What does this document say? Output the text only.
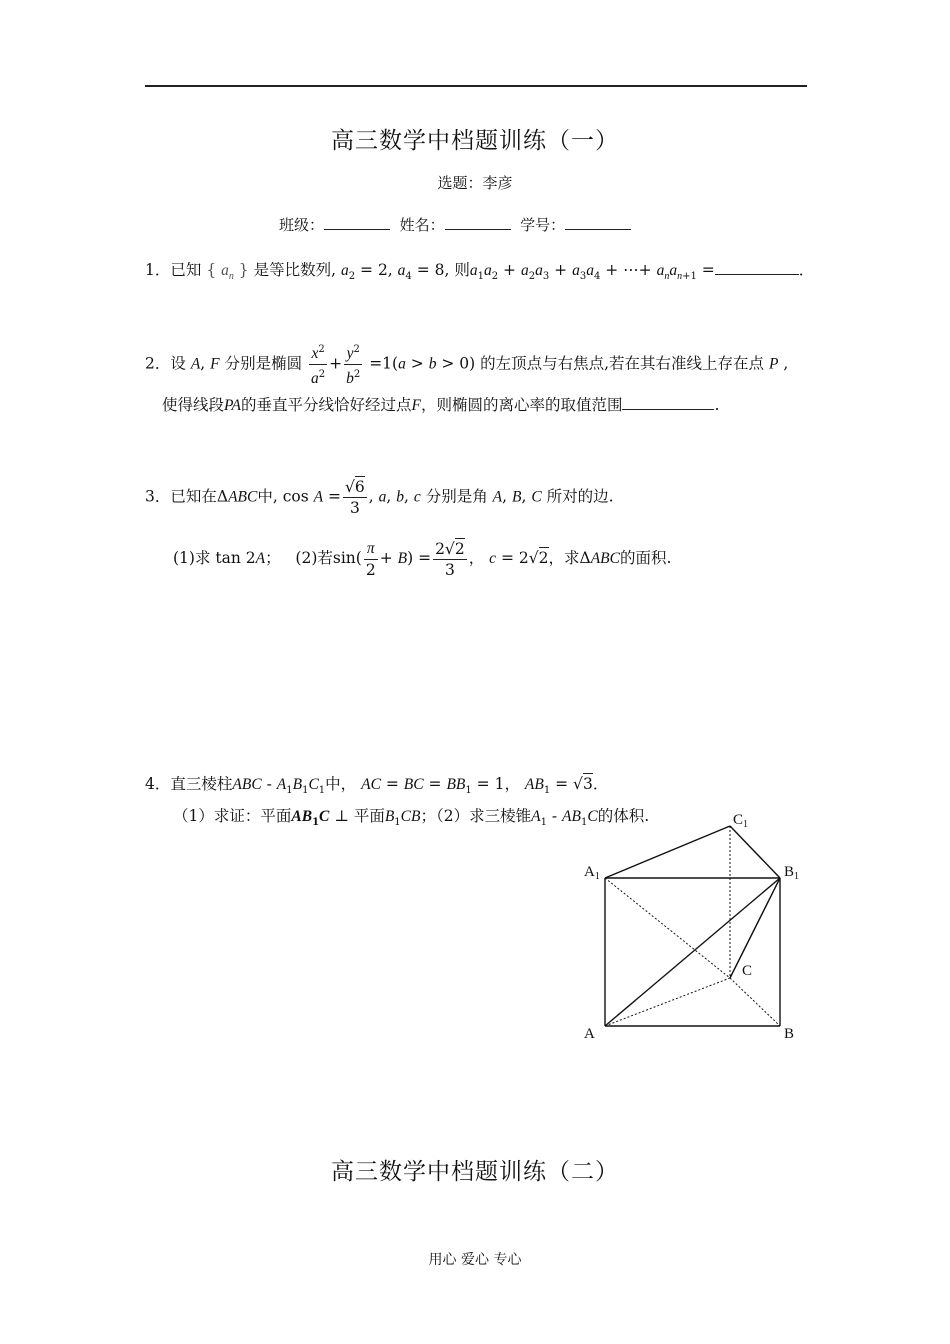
高三数学中档题训练（一）
选题：李彦
班级：	姓名：	学号：
1．已知 { $a_n$ } 是等比数列, $a_2 = 2$, $a_4 = 8$, 则$a_1a_2 + a_2a_3 + a_3a_4$ + ⋯+ $a_na_{n+1}$ =	．
2．设 A, F 分别是椭圆 $\frac{x^2}{a^2} + \frac{y^2}{b^2} =1(a > b > 0)$ 的左顶点与右焦点,若在其右准线上存在点 P ,
使得线段PA的垂直平分线恰好经过点F，则椭圆的离心率的取值范围	.
3．已知在ΔABC中, $\cos A = \frac{√6}{3}$ , a, b, c 分别是角 A, B, C 所对的边.
(1)求 tan 2A； (2)若$\sin( \frac{\pi}{2} + B) = \frac{2√2}{3}$ ， c = 2√2，求ΔABC的面积.
4．直三棱柱ABC - $A_1B_1C_1$中， AC = BC = $BB_1 = 1$， $AB_1 = √3$．
（1）求证：平面$AB_1C$ ⊥ 平面$B_1CB$；（2）求三棱锥$A_1 - AB_1C$的体积.
$A_1$	$B_1$
$C_1$
C
A	B
高三数学中档题训练（二）
用心 爱心 专心
